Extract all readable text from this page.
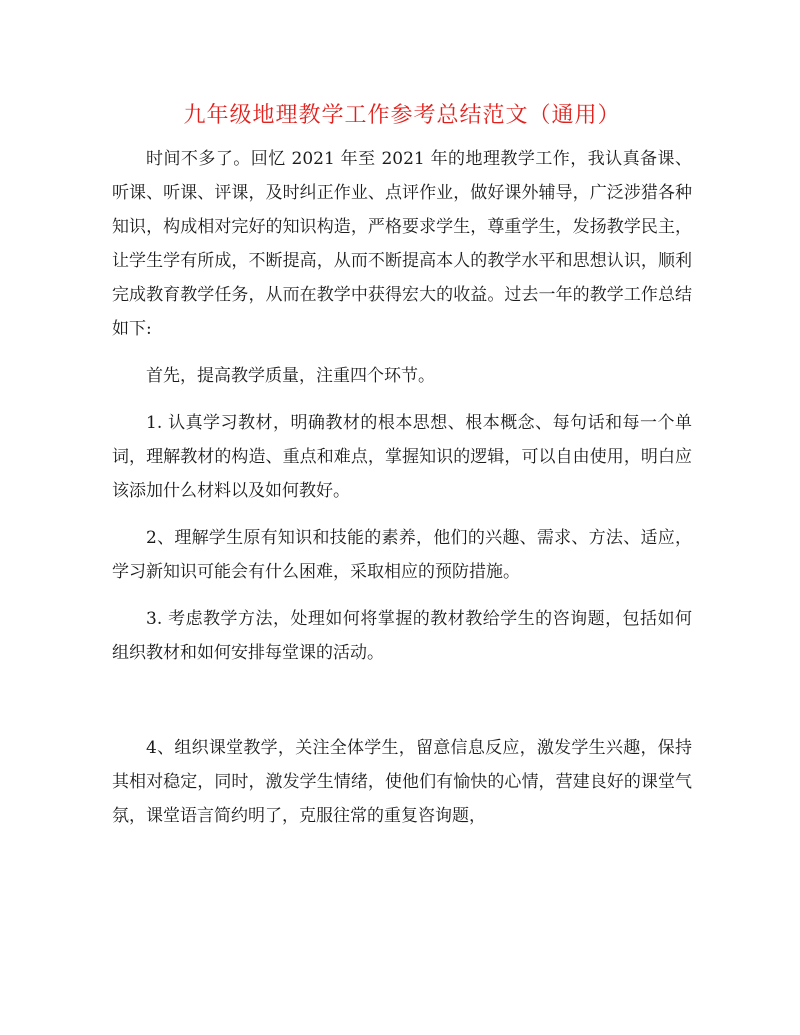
九年级地理教学工作参考总结范文（通用）

时间不多了。回忆 2021 年至 2021 年的地理教学工作，我认真备课、听课、听课、评课，及时纠正作业、点评作业，做好课外辅导，广泛涉猎各种知识，构成相对完好的知识构造，严格要求学生，尊重学生，发扬教学民主，让学生学有所成，不断提高，从而不断提高本人的教学水平和思想认识，顺利完成教育教学任务，从而在教学中获得宏大的收益。过去一年的教学工作总结如下:

首先，提高教学质量，注重四个环节。

1. 认真学习教材，明确教材的根本思想、根本概念、每句话和每一个单词，理解教材的构造、重点和难点，掌握知识的逻辑，可以自由使用，明白应该添加什么材料以及如何教好。

2、理解学生原有知识和技能的素养，他们的兴趣、需求、方法、适应，学习新知识可能会有什么困难，采取相应的预防措施。

3. 考虑教学方法，处理如何将掌握的教材教给学生的咨询题，包括如何组织教材和如何安排每堂课的活动。

4、组织课堂教学，关注全体学生，留意信息反应，激发学生兴趣，保持其相对稳定，同时，激发学生情绪，使他们有愉快的心情，营建良好的课堂气氛，课堂语言简约明了，克服往常的重复咨询题，
